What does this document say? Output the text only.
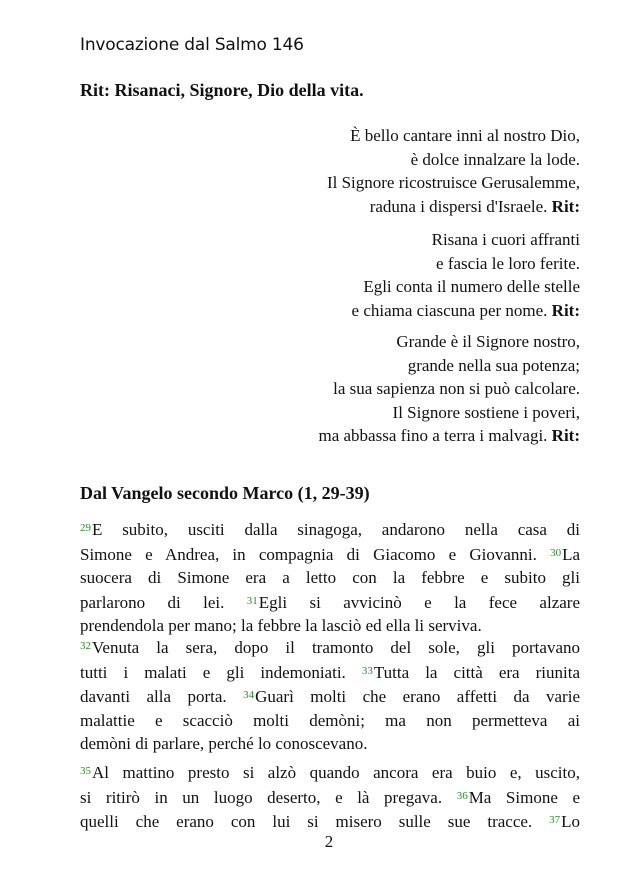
Invocazione dal Salmo 146
Rit: Risanaci, Signore, Dio della vita.
È bello cantare inni al nostro Dio,
è dolce innalzare la lode.
Il Signore ricostruisce Gerusalemme,
raduna i dispersi d'Israele. Rit:
Risana i cuori affranti
e fascia le loro ferite.
Egli conta il numero delle stelle
e chiama ciascuna per nome. Rit:
Grande è il Signore nostro,
grande nella sua potenza;
la sua sapienza non si può calcolare.
Il Signore sostiene i poveri,
ma abbassa fino a terra i malvagi. Rit:
Dal Vangelo secondo Marco (1, 29-39)
$^{29}$E subito, usciti dalla sinagoga, andarono nella casa di
Simone e Andrea, in compagnia di Giacomo e Giovanni. $^{30}$La
suocera di Simone era a letto con la febbre e subito gli
parlarono di lei. $^{31}$Egli si avvicinò e la fece alzare
prendendola per mano; la febbre la lasciò ed ella li serviva.
$^{32}$Venuta la sera, dopo il tramonto del sole, gli portavano
tutti i malati e gli indemoniati. $^{33}$Tutta la città era riunita
davanti alla porta. $^{34}$Guarì molti che erano affetti da varie
malattie e scacciò molti demòni; ma non permetteva ai
demòni di parlare, perché lo conoscevano.
$^{35}$Al mattino presto si alzò quando ancora era buio e, uscito,
si ritirò in un luogo deserto, e là pregava. $^{36}$Ma Simone e
quelli che erano con lui si misero sulle sue tracce. $^{37}$Lo
2
